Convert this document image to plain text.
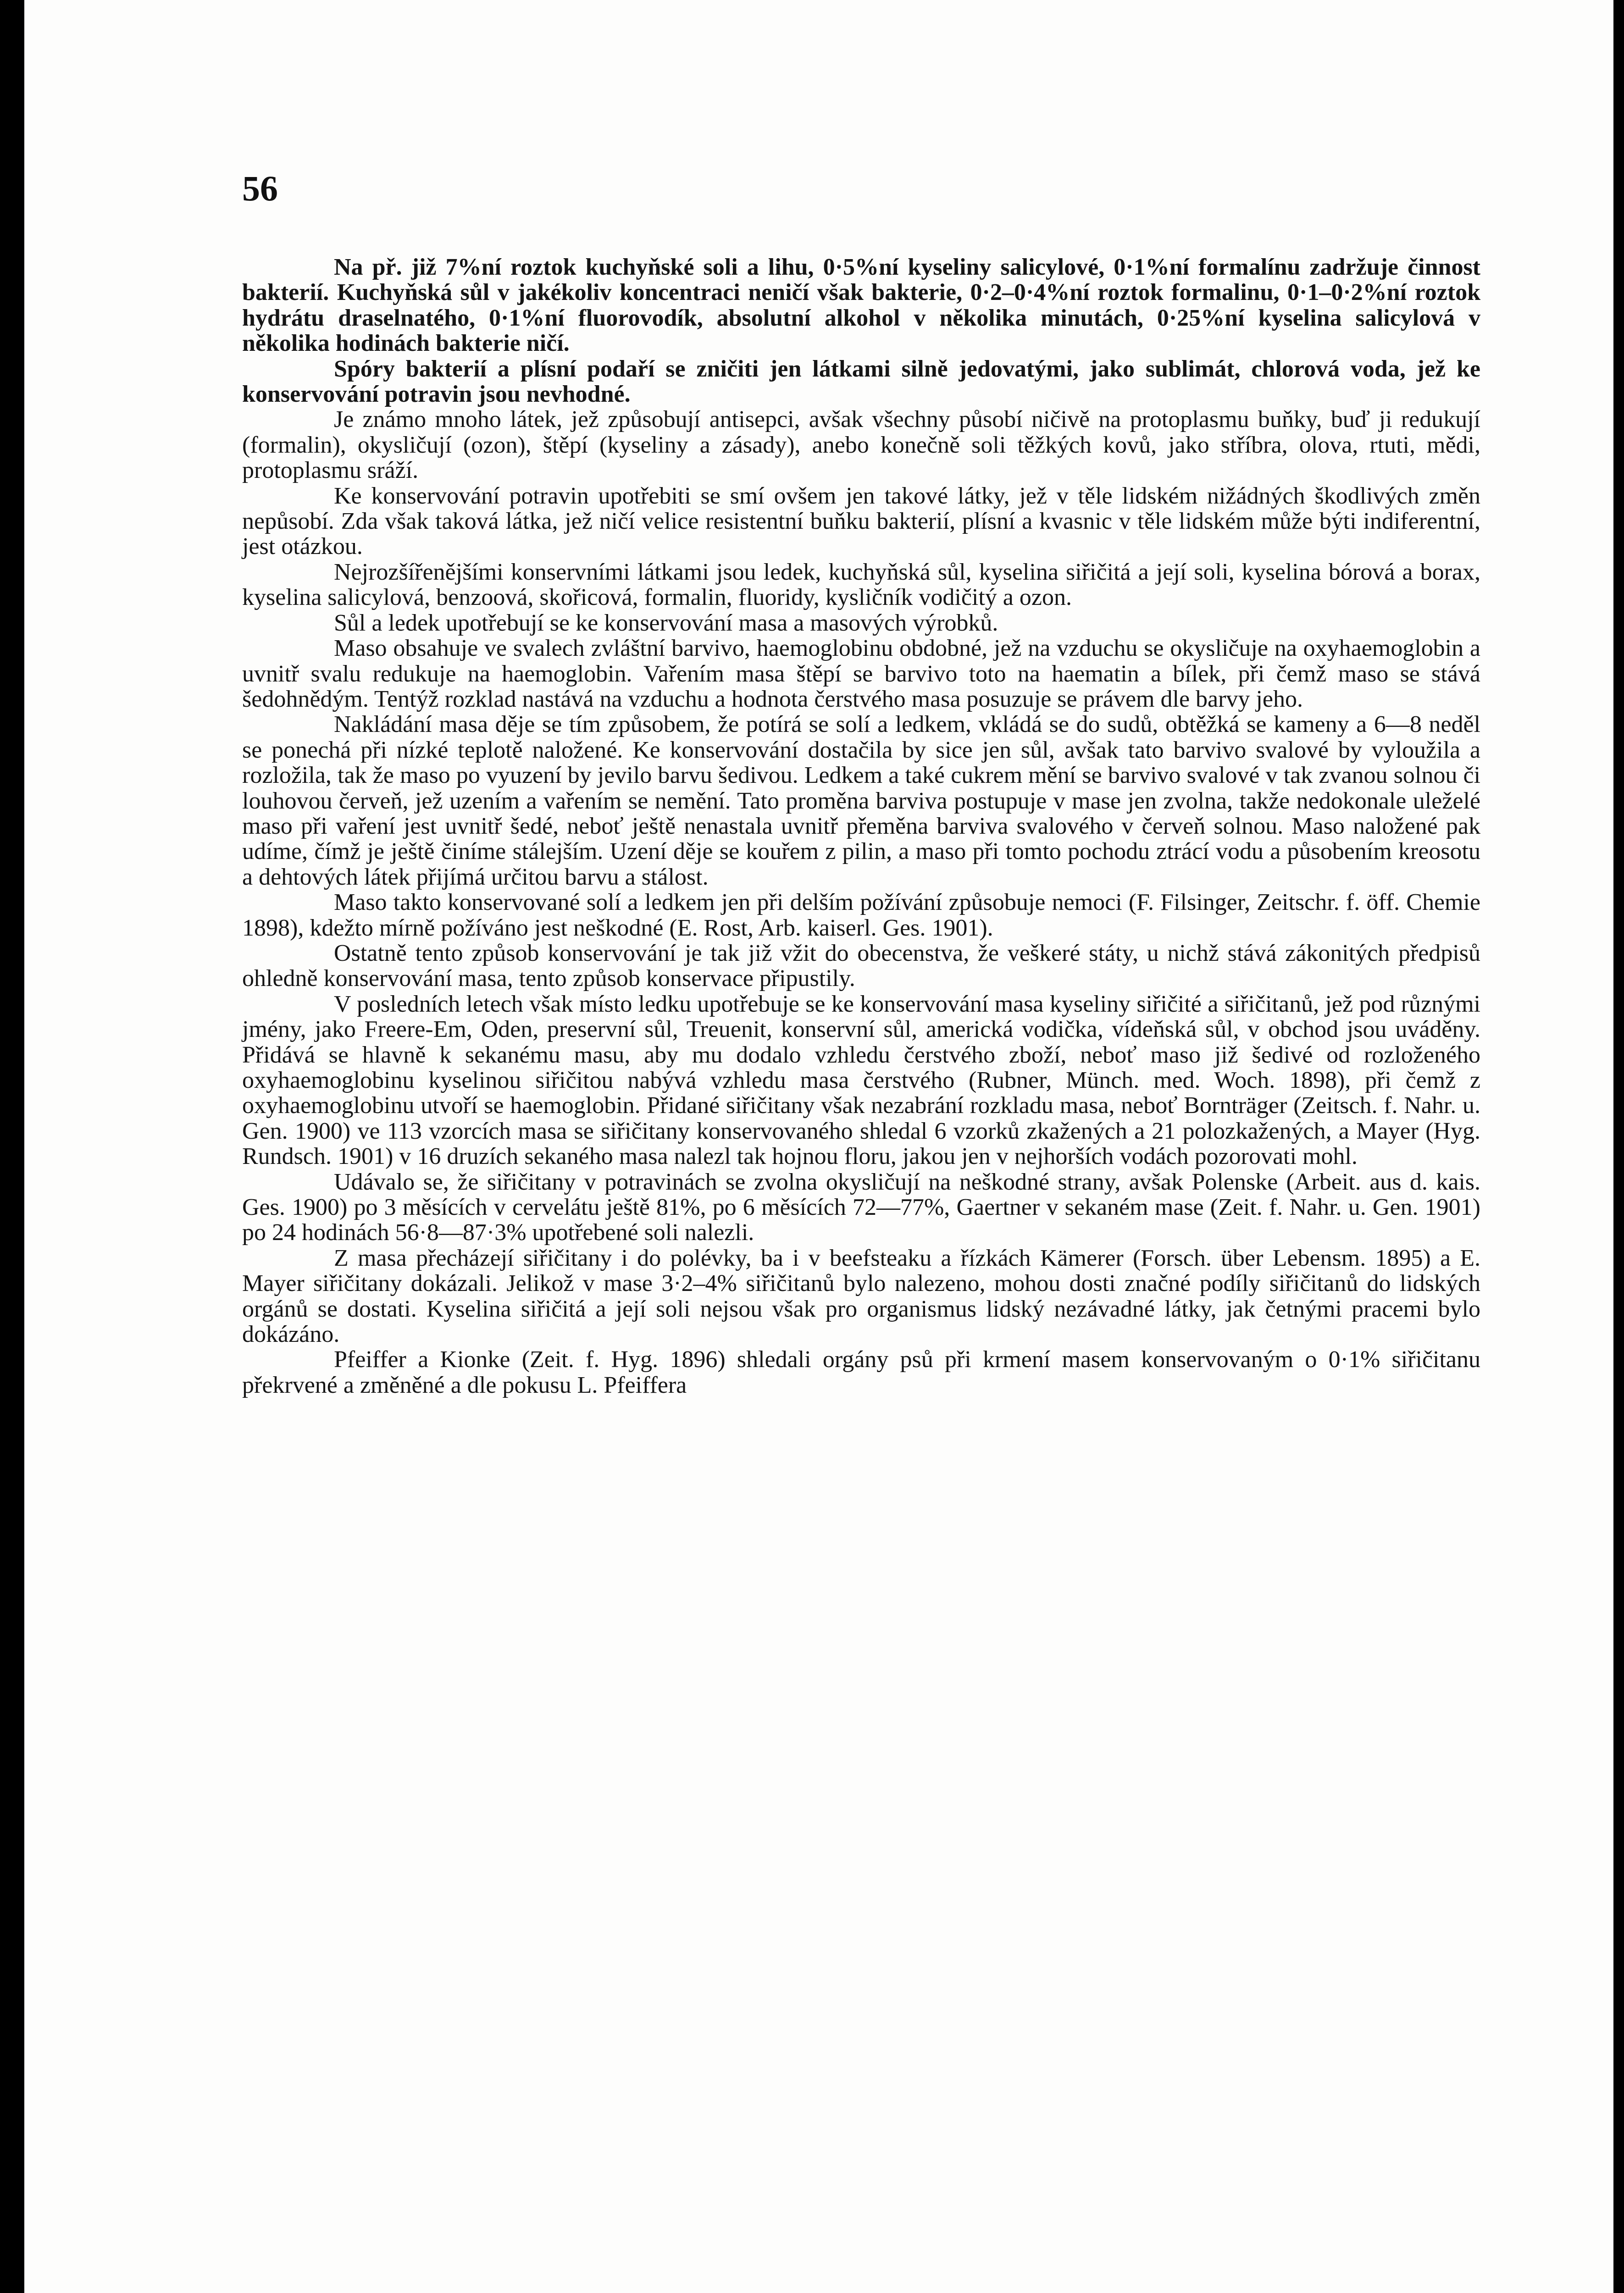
56

Na př. již 7%ní roztok kuchyňské soli a lihu, 0·5%ní kyseliny salicylové, 0·1%ní formalínu zadržuje činnost bakterií. Kuchyňská sůl v jakékoliv koncentraci neničí však bakterie, 0·2–0·4%ní roztok formalinu, 0·1–0·2%ní roztok hydrátu draselnatého, 0·1%ní fluorovodík, absolutní alkohol v několika minutách, 0·25%ní kyselina salicylová v několika hodinách bakterie ničí.

Spóry bakterií a plísní podaří se zničiti jen látkami silně jedovatými, jako sublimát, chlorová voda, jež ke konservování potravin jsou nevhodné.

Je známo mnoho látek, jež způsobují antisepci, avšak všechny působí ničivě na protoplasmu buňky, buď ji redukují (formalin), okysličují (ozon), štěpí (kyseliny a zásady), anebo konečně soli těžkých kovů, jako stříbra, olova, rtuti, mědi, protoplasmu sráží.

Ke konservování potravin upotřebiti se smí ovšem jen takové látky, jež v těle lidském nižádných škodlivých změn nepůsobí. Zda však taková látka, jež ničí velice resistentní buňku bakterií, plísní a kvasnic v těle lidském může býti indiferentní, jest otázkou.

Nejrozšířenějšími konservními látkami jsou ledek, kuchyňská sůl, kyselina siřičitá a její soli, kyselina bórová a borax, kyselina salicylová, benzoová, skořicová, formalin, fluoridy, kysličník vodičitý a ozon.

Sůl a ledek upotřebují se ke konservování masa a masových výrobků.

Maso obsahuje ve svalech zvláštní barvivo, haemoglobinu obdobné, jež na vzduchu se okysličuje na oxyhaemoglobin a uvnitř svalu redukuje na haemoglobin. Vařením masa štěpí se barvivo toto na haematin a bílek, při čemž maso se stává šedohnědým. Tentýž rozklad nastává na vzduchu a hodnota čerstvého masa posuzuje se právem dle barvy jeho.

Nakládání masa děje se tím způsobem, že potírá se solí a ledkem, vkládá se do sudů, obtěžká se kameny a 6—8 neděl se ponechá při nízké teplotě naložené. Ke konservování dostačila by sice jen sůl, avšak tato barvivo svalové by vyloužila a rozložila, tak že maso po vyuzení by jevilo barvu šedivou. Ledkem a také cukrem mění se barvivo svalové v tak zvanou solnou či louhovou červeň, jež uzením a vařením se nemění. Tato proměna barviva postupuje v mase jen zvolna, takže nedokonale uleželé maso při vaření jest uvnitř šedé, neboť ještě nenastala uvnitř přeměna barviva svalového v červeň solnou. Maso naložené pak udíme, čímž je ještě činíme stálejším. Uzení děje se kouřem z pilin, a maso při tomto pochodu ztrácí vodu a působením kreosotu a dehtových látek přijímá určitou barvu a stálost.

Maso takto konservované solí a ledkem jen při delším požívání způsobuje nemoci (F. Filsinger, Zeitschr. f. öff. Chemie 1898), kdežto mírně požíváno jest neškodné (E. Rost, Arb. kaiserl. Ges. 1901).

Ostatně tento způsob konservování je tak již vžit do obecenstva, že veškeré státy, u nichž stává zákonitých předpisů ohledně konservování masa, tento způsob konservace připustily.

V posledních letech však místo ledku upotřebuje se ke konservování masa kyseliny siřičité a siřičitanů, jež pod různými jmény, jako Freere-Em, Oden, preservní sůl, Treuenit, konservní sůl, americká vodička, vídeňská sůl, v obchod jsou uváděny. Přidává se hlavně k sekanému masu, aby mu dodalo vzhledu čerstvého zboží, neboť maso již šedivé od rozloženého oxyhaemoglobinu kyselinou siřičitou nabývá vzhledu masa čerstvého (Rubner, Münch. med. Woch. 1898), při čemž z oxyhaemoglobinu utvoří se haemoglobin. Přidané siřičitany však nezabrání rozkladu masa, neboť Bornträger (Zeitsch. f. Nahr. u. Gen. 1900) ve 113 vzorcích masa se siřičitany konservovaného shledal 6 vzorků zkažených a 21 polozkažených, a Mayer (Hyg. Rundsch. 1901) v 16 druzích sekaného masa nalezl tak hojnou floru, jakou jen v nejhorších vodách pozorovati mohl.

Udávalo se, že siřičitany v potravinách se zvolna okysličují na neškodné strany, avšak Polenske (Arbeit. aus d. kais. Ges. 1900) po 3 měsících v cervelátu ještě 81%, po 6 měsících 72—77%, Gaertner v sekaném mase (Zeit. f. Nahr. u. Gen. 1901) po 24 hodinách 56·8—87·3% upotřebené soli nalezli.

Z masa přecházejí siřičitany i do polévky, ba i v beefsteaku a řízkách Kämerer (Forsch. über Lebensm. 1895) a E. Mayer siřičitany dokázali. Jelikož v mase 3·2–4% siřičitanů bylo nalezeno, mohou dosti značné podíly siřičitanů do lidských orgánů se dostati. Kyselina siřičitá a její soli nejsou však pro organismus lidský nezávadné látky, jak četnými pracemi bylo dokázáno.

Pfeiffer a Kionke (Zeit. f. Hyg. 1896) shledali orgány psů při krmení masem konservovaným o 0·1% siřičitanu překrvené a změněné a dle pokusu L. Pfeiffera
